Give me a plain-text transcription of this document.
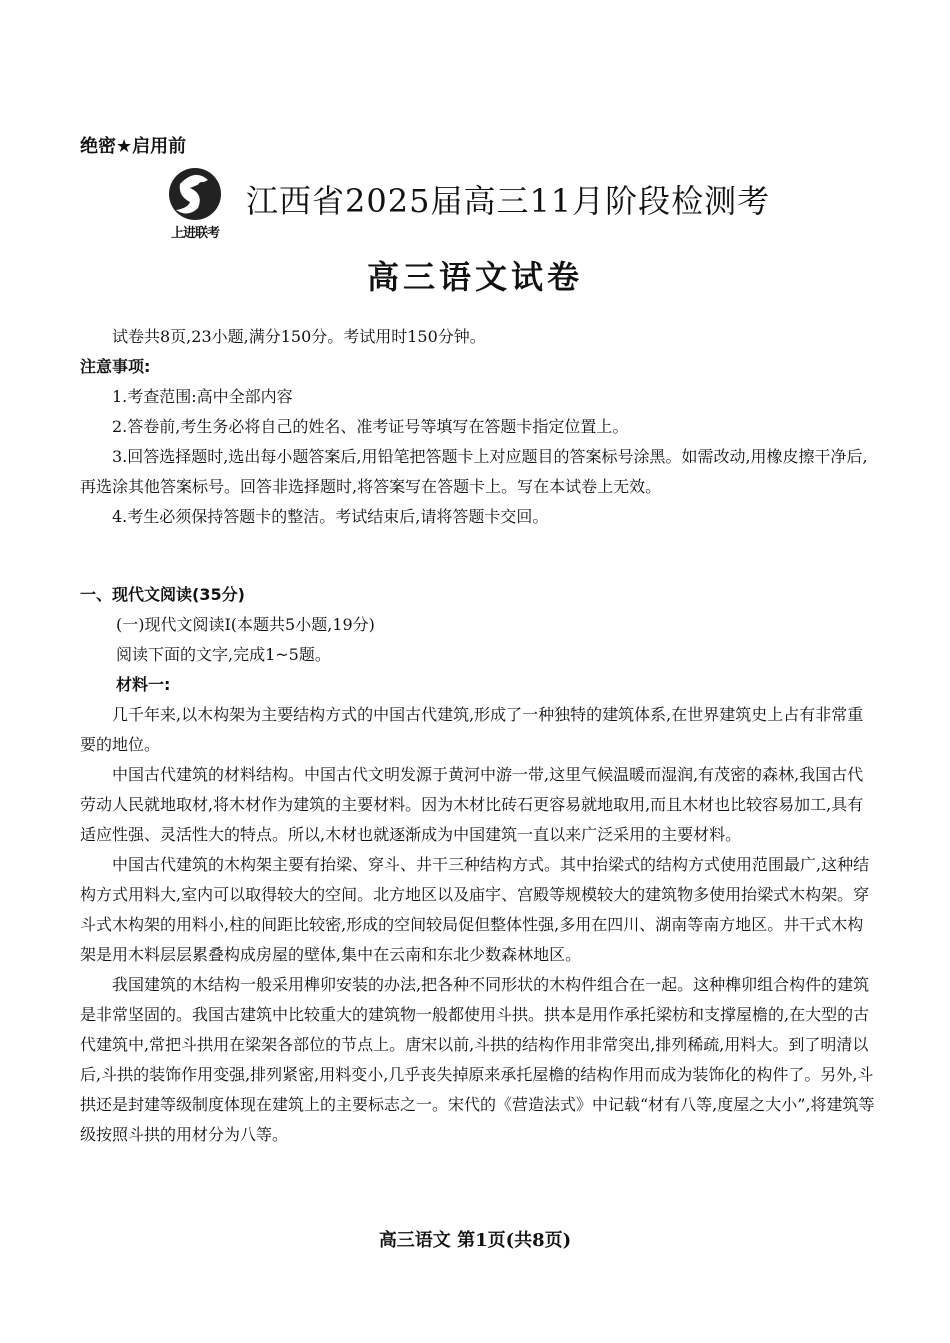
绝密★启用前
上进联考
江西省2025届高三11月阶段检测考
高三语文试卷

试卷共8页,23小题,满分150分。考试用时150分钟。

注意事项:

1.考查范围:高中全部内容

2.答卷前,考生务必将自己的姓名、准考证号等填写在答题卡指定位置上。

3.回答选择题时,选出每小题答案后,用铅笔把答题卡上对应题目的答案标号涂黑。如需改动,用橡皮擦干净后,再选涂其他答案标号。回答非选择题时,将答案写在答题卡上。写在本试卷上无效。

4.考生必须保持答题卡的整洁。考试结束后,请将答题卡交回。

一、现代文阅读(35分)

(一)现代文阅读Ⅰ(本题共5小题,19分)

阅读下面的文字,完成1~5题。

材料一:

几千年来,以木构架为主要结构方式的中国古代建筑,形成了一种独特的建筑体系,在世界建筑史上占有非常重要的地位。

中国古代建筑的材料结构。中国古代文明发源于黄河中游一带,这里气候温暖而湿润,有茂密的森林,我国古代劳动人民就地取材,将木材作为建筑的主要材料。因为木材比砖石更容易就地取用,而且木材也比较容易加工,具有适应性强、灵活性大的特点。所以,木材也就逐渐成为中国建筑一直以来广泛采用的主要材料。

中国古代建筑的木构架主要有抬梁、穿斗、井干三种结构方式。其中抬梁式的结构方式使用范围最广,这种结构方式用料大,室内可以取得较大的空间。北方地区以及庙宇、宫殿等规模较大的建筑物多使用抬梁式木构架。穿斗式木构架的用料小,柱的间距比较密,形成的空间较局促但整体性强,多用在四川、湖南等南方地区。井干式木构架是用木料层层累叠构成房屋的壁体,集中在云南和东北少数森林地区。

我国建筑的木结构一般采用榫卯安装的办法,把各种不同形状的木构件组合在一起。这种榫卯组合构件的建筑是非常坚固的。我国古建筑中比较重大的建筑物一般都使用斗拱。拱本是用作承托梁枋和支撑屋檐的,在大型的古代建筑中,常把斗拱用在梁架各部位的节点上。唐宋以前,斗拱的结构作用非常突出,排列稀疏,用料大。到了明清以后,斗拱的装饰作用变强,排列紧密,用料变小,几乎丧失掉原来承托屋檐的结构作用而成为装饰化的构件了。另外,斗拱还是封建等级制度体现在建筑上的主要标志之一。宋代的《营造法式》中记载“材有八等,度屋之大小”,将建筑等级按照斗拱的用材分为八等。

高三语文 第1页(共8页)
